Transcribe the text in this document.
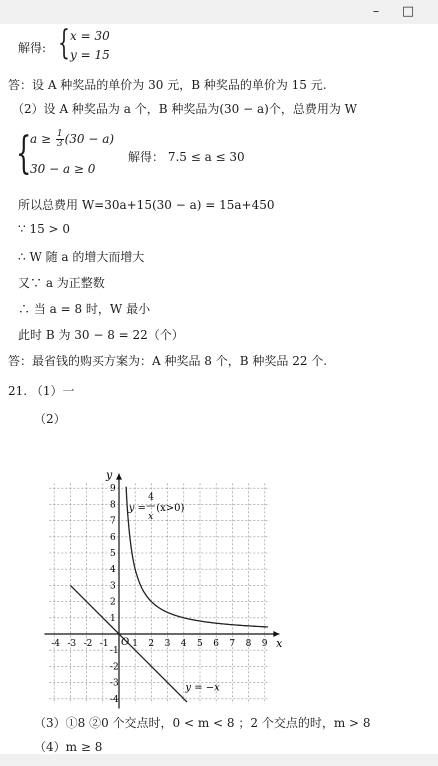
–	□
解得: { x = 30
y = 15
答：设 A 种奖品的单价为 30 元，B 种奖品的单价为 15 元.
（2）设 A 种奖品为 a 个，B 种奖品为(30 − a)个，总费用为 W
{
$a \ge \frac{1}{3} (30 - a)$
30 − a ≥ 0
解得： 7.5 ≤ a ≤ 30
所以总费用 W=30a+15(30 − a) = 15a+450
∵ 15 > 0
∴ W 随 a 的增大而增大
又∵ a 为正整数
∴ 当 a = 8 时，W 最小
此时 B 为 30 − 8 = 22（个）
答：最省钱的购买方案为：A 种奖品 8 个，B 种奖品 22 个.
21. （1）一
（2）
-4 -3 -2 -1	1 2 3 4 5 6 7 8 9
-4
-3
-2
-1
1
2
3
4
5
6
7
8
9
y =
4
x
(x>0)
y = −x
x
y
O
（3）①8 ②0 个交点时，0 < m < 8 ；2 个交点的时，m > 8
（4）m ≥ 8
